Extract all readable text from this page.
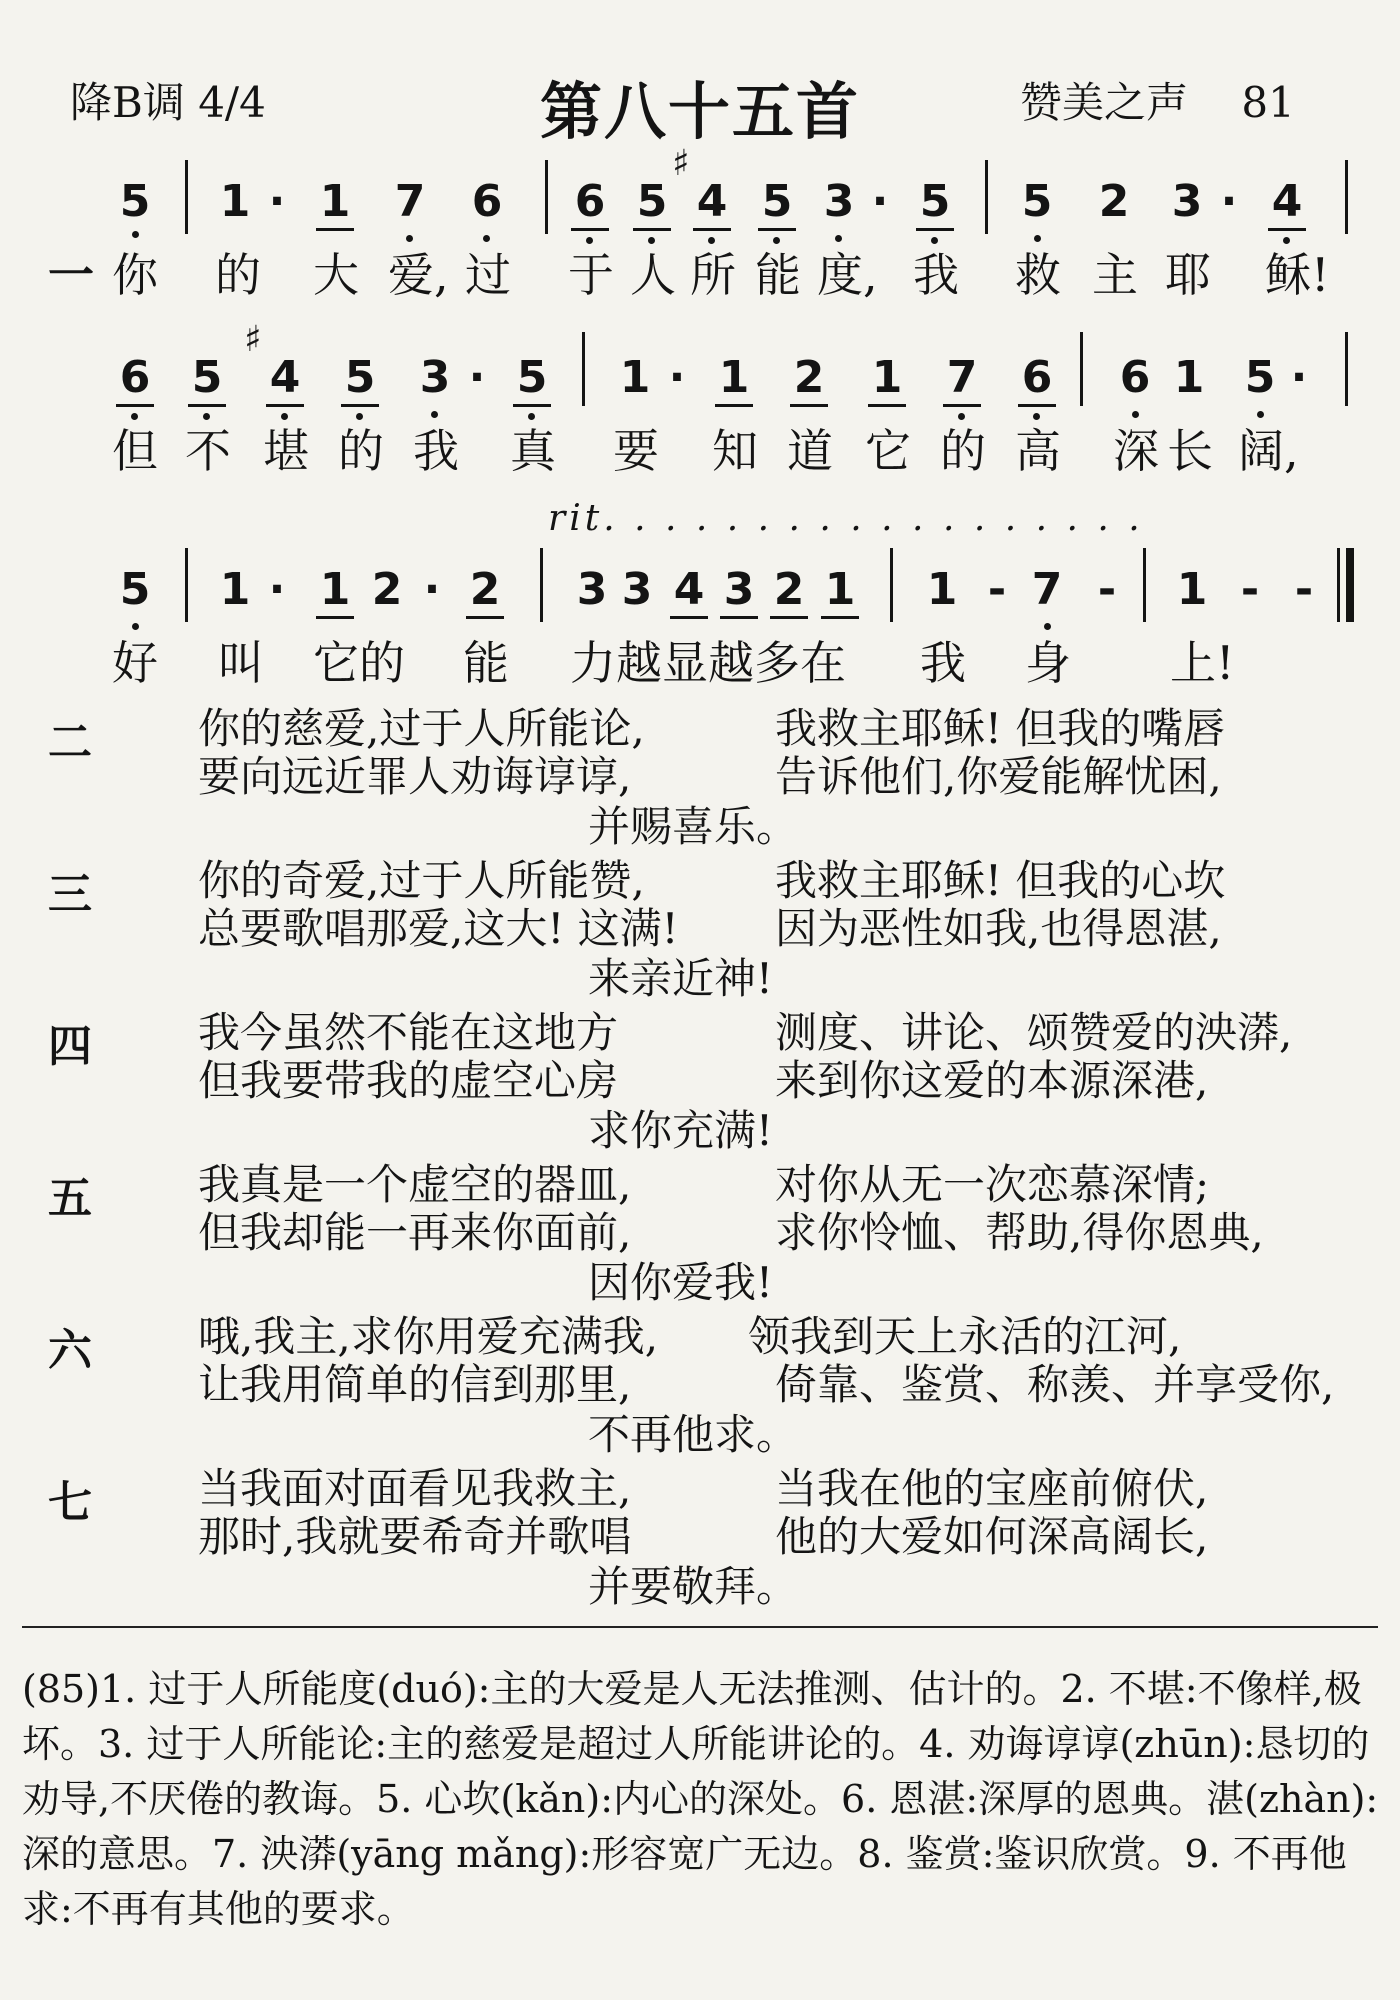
降B调 4/4	第八十五首	赞美之声 81
5 1 · 1 7 6 6 5
♯
4 5 3 · 5 5 2 3 · 4
一 你 的 大 爱, 过 于 人 所 能 度, 我 救 主 耶 稣!
6 5
♯
4 5 3 · 5 1 · 1 2 1 7 6 6 1 5 ·
但 不 堪 的 我 真 要 知 道 它 的 高 深 长 阔,
rit. . . . . . . . . . . . . . . . . .
5 1 · 1 2 · 2 3 3 4 3 2 1 1 - 7 - 1 - -
好 叫 它的 能 力越显越多在 我 身 上!
二	你的慈爱,过于人所能论,	我救主耶稣! 但我的嘴唇
要向远近罪人劝诲谆谆,	告诉他们,你爱能解忧困,
并赐喜乐。
三	你的奇爱,过于人所能赞,	我救主耶稣! 但我的心坎
总要歌唱那爱,这大! 这满! 因为恶性如我,也得恩湛,
来亲近神!
四	我今虽然不能在这地方	测度、讲论、颂赞爱的泱漭,
但我要带我的虚空心房	来到你这爱的本源深港,
求你充满!
五	我真是一个虚空的器皿,	对你从无一次恋慕深情;
但我却能一再来你面前,	求你怜恤、帮助,得你恩典,
因你爱我!
六	哦,我主,求你用爱充满我, 领我到天上永活的江河,
让我用简单的信到那里,	倚靠、鉴赏、称羡、并享受你,
不再他求。
七	当我面对面看见我救主,	当我在他的宝座前俯伏,
那时,我就要希奇并歌唱	他的大爱如何深高阔长,
并要敬拜。
(85)1. 过于人所能度(duó):主的大爱是人无法推测、估计的。2. 不堪:不像样,极坏。3. 过于人所能论:主的慈爱是超过人所能讲论的。4. 劝诲谆谆(zhūn):恳切的劝导,不厌倦的教诲。5. 心坎(kǎn):内心的深处。6. 恩湛:深厚的恩典。湛(zhàn):深的意思。7. 泱漭(yāng mǎng):形容宽广无边。8. 鉴赏:鉴识欣赏。9. 不再他求:不再有其他的要求。
